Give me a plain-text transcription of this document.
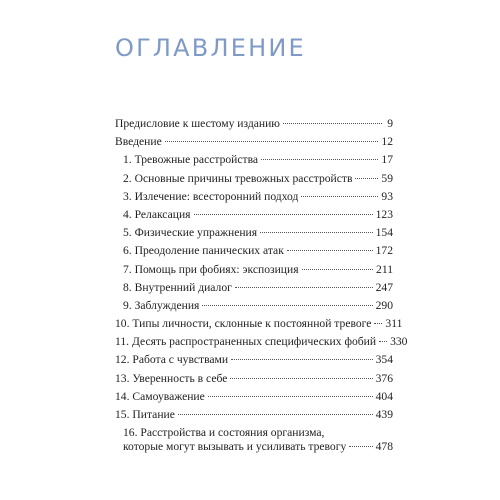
ОГЛАВЛЕНИЕ
Предисловие к шестому изданию	9
Введение	12
1. Тревожные расстройства	17
2. Основные причины тревожных расстройств 59
3. Излечение: всесторонний подход	93
4. Релаксация	123
5. Физические упражнения	154
6. Преодоление панических атак	172
7. Помощь при фобиях: экспозиция	211
8. Внутренний диалог	247
9. Заблуждения	290
10. Типы личности, склонные к постоянной тревоге 311
11. Десять распространенных специфических фобий 330
12. Работа с чувствами	354
13. Уверенность в себе	376
14. Самоуважение	404
15. Питание	439
16. Расстройства и состояния организма,
которые могут вызывать и усиливать тревогу	478
